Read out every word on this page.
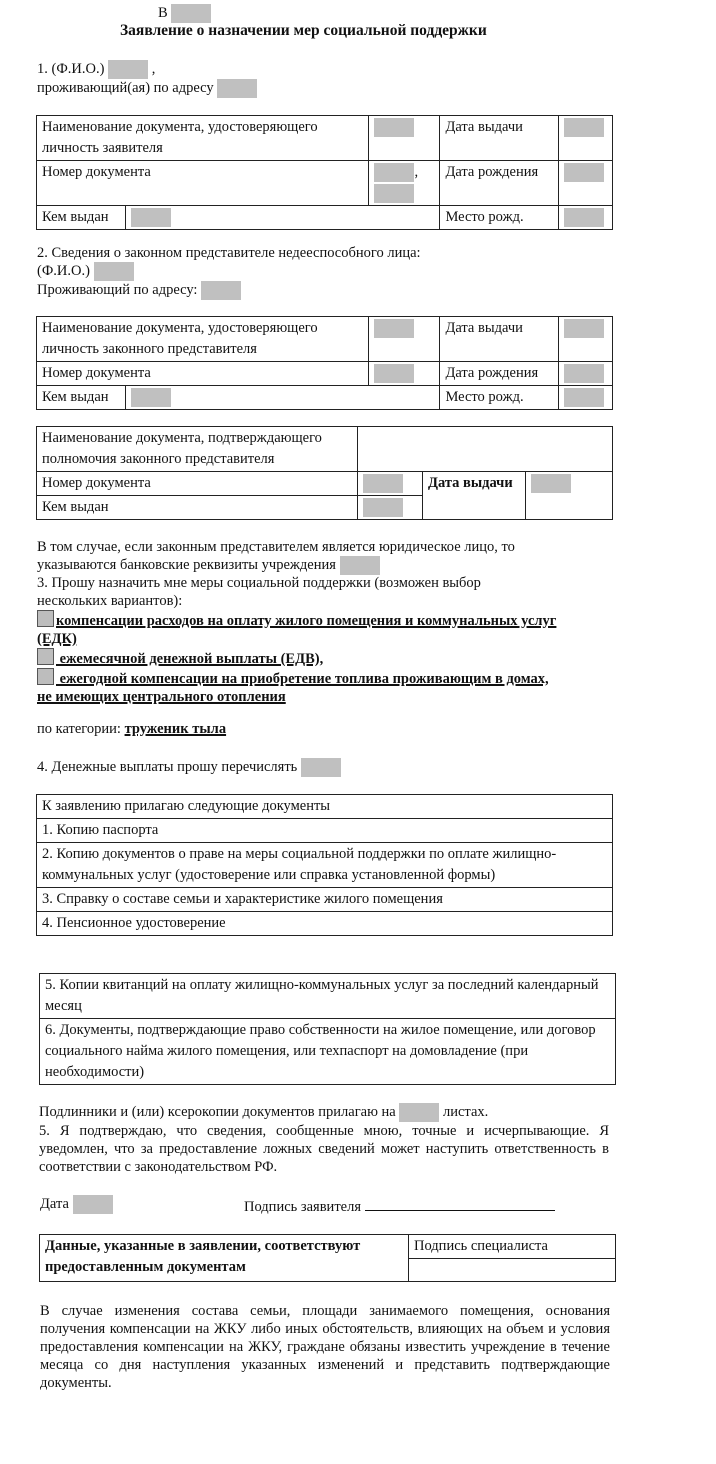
В
Заявление о назначении мер социальной поддержки
1. (Ф.И.О.)	,
проживающий(ая) по адресу
Наименование документа, удостоверяющего личность заявителя			Дата выдачи	
Номер документа		,	Дата рождения	
Кем выдан			Место рожд.	
2. Сведения о законном представителе недееспособного лица:
(Ф.И.О.)
Проживающий по адресу:
Наименование документа, удостоверяющего личность законного представителя			Дата выдачи	
Номер документа			Дата рождения	
Кем выдан			Место рожд.	
Наименование документа, подтверждающего полномочия законного представителя			
Номер документа		Дата выдачи	
Кем выдан			
В том случае, если законным представителем является юридическое лицо, то
указываются банковские реквизиты учреждения
3. Прошу назначить мне меры социальной поддержки (возможен выбор
нескольких вариантов):
компенсации расходов на оплату жилого помещения и коммунальных услуг
(ЕДК)
ежемесячной денежной выплаты (ЕДВ),
ежегодной компенсации на приобретение топлива проживающим в домах,
не имеющих центрального отопления
по категории: труженик тыла
4. Денежные выплаты прошу перечислять
К заявлению прилагаю следующие документы
1. Копию паспорта
2. Копию документов о праве на меры социальной поддержки по оплате жилищно-коммунальных услуг (удостоверение или справка установленной формы)
3. Справку о составе семьи и характеристике жилого помещения
4. Пенсионное удостоверение
5. Копии квитанций на оплату жилищно-коммунальных услуг за последний календарный месяц
6. Документы, подтверждающие право собственности на жилое помещение, или договор социального найма жилого помещения, или техпаспорт на домовладение (при необходимости)
Подлинники и (или) ксерокопии документов прилагаю на	листах.
5. Я подтверждаю, что сведения, сообщенные мною, точные и исчерпывающие. Я уведомлен, что за предоставление ложных сведений может наступить ответственность в соответствии с законодательством РФ.
Дата	Подпись заявителя
Данные, указанные в заявлении, соответствуют предоставленным документам	Подпись специалиста

В случае изменения состава семьи, площади занимаемого помещения, основания получения компенсации на ЖКУ либо иных обстоятельств, влияющих на объем и условия предоставления компенсации на ЖКУ, граждане обязаны известить учреждение в течение месяца со дня наступления указанных изменений и представить подтверждающие документы.
